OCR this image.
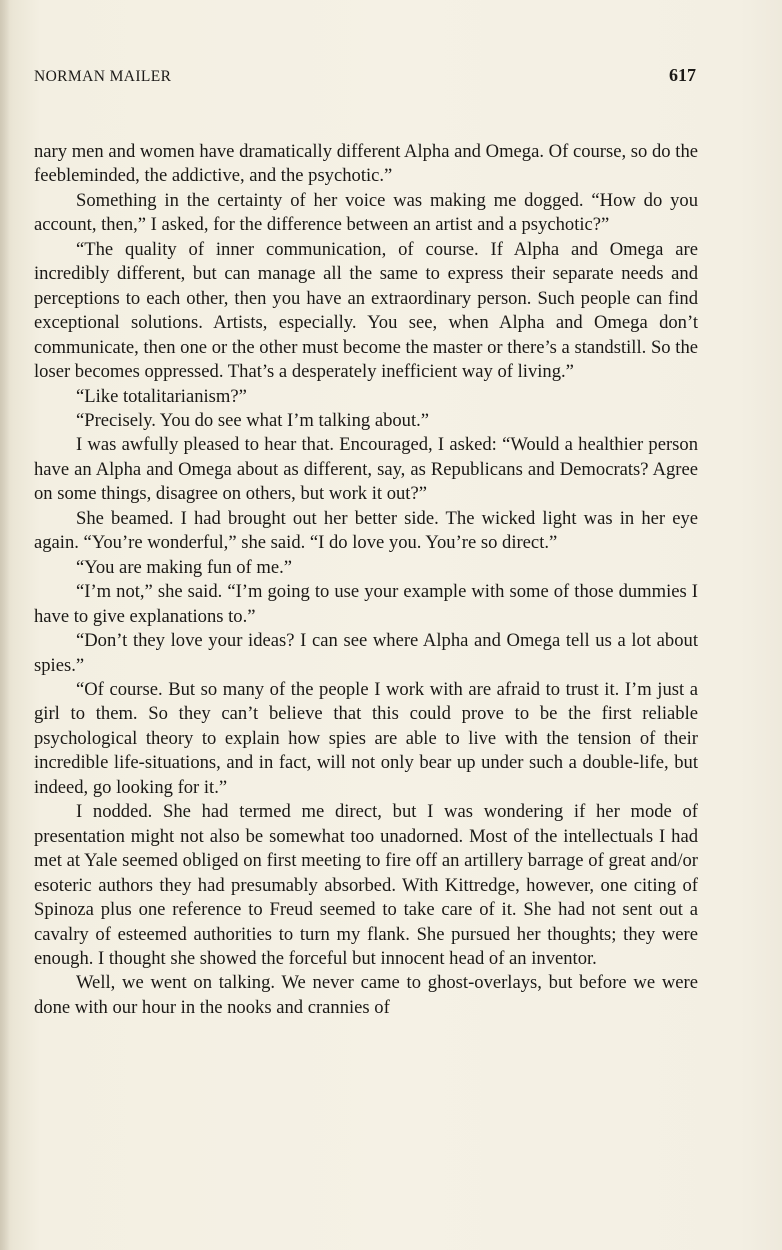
NORMAN MAILER	617

nary men and women have dramatically different Alpha and Omega. Of course, so do the feebleminded, the addictive, and the psychotic.”

Something in the certainty of her voice was making me dogged. “How do you account, then,” I asked, for the difference between an artist and a psychotic?”

“The quality of inner communication, of course. If Alpha and Omega are incredibly different, but can manage all the same to express their separate needs and perceptions to each other, then you have an extraordinary person. Such people can find exceptional solutions. Artists, especially. You see, when Alpha and Omega don’t communicate, then one or the other must become the master or there’s a standstill. So the loser becomes oppressed. That’s a desperately inefficient way of living.”

“Like totalitarianism?”

“Precisely. You do see what I’m talking about.”

I was awfully pleased to hear that. Encouraged, I asked: “Would a healthier person have an Alpha and Omega about as different, say, as Republicans and Democrats? Agree on some things, disagree on others, but work it out?”

She beamed. I had brought out her better side. The wicked light was in her eye again. “You’re wonderful,” she said. “I do love you. You’re so direct.”

“You are making fun of me.”

“I’m not,” she said. “I’m going to use your example with some of those dummies I have to give explanations to.”

“Don’t they love your ideas? I can see where Alpha and Omega tell us a lot about spies.”

“Of course. But so many of the people I work with are afraid to trust it. I’m just a girl to them. So they can’t believe that this could prove to be the first reliable psychological theory to explain how spies are able to live with the tension of their incredible life-situations, and in fact, will not only bear up under such a double-life, but indeed, go looking for it.”

I nodded. She had termed me direct, but I was wondering if her mode of presentation might not also be somewhat too unadorned. Most of the intellectuals I had met at Yale seemed obliged on first meeting to fire off an artillery barrage of great and/or esoteric authors they had presumably absorbed. With Kittredge, however, one citing of Spinoza plus one reference to Freud seemed to take care of it. She had not sent out a cavalry of esteemed authorities to turn my flank. She pursued her thoughts; they were enough. I thought she showed the forceful but innocent head of an inventor.

Well, we went on talking. We never came to ghost-overlays, but before we were done with our hour in the nooks and crannies of
